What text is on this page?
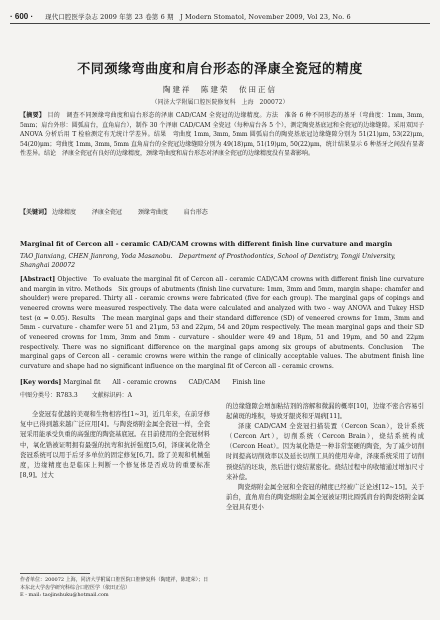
· 600 · 现代口腔医学杂志 2009 年第 23 卷第 6 期　J Modern Stomatol, November 2009, Vol 23, No. 6
不同颈缘弯曲度和肩台形态的泽康全瓷冠的精度
陶建祥　陈建荣　依田正信
（同济大学附属口腔医院修复科　上海　200072）
【摘要】 目的　调查不同颈缘弯曲度和肩台形态的泽康 CAD/CAM 全瓷冠的边缘精度。方法　准备 6 种不同形态的基牙（弯曲度：1mm, 3mm, 5mm；肩台外形：圆弧肩台，直角肩台），制作 30 个泽康 CAD/CAM 全瓷冠（每种肩台各 5 个），测定陶瓷基底冠和全瓷冠的边缘缝隙。采用双因子 ANOVA 分析后用 T 检验测定有无统计学差异。结果　弯曲度 1mm, 3mm, 5mm 圆弧肩台的陶瓷基底冠边缘缝隙分别为 51(21)μm, 53(22)μm, 54(20)μm；弯曲度 1mm, 3mm, 5mm 直角肩台的全瓷冠边缘缝隙分别为 49(18)μm, 51(19)μm, 50(22)μm，统计结果显示 6 种基牙之间没有显著性差异。结论　泽康全瓷冠有良好的边缘精度，颈缘弯曲度和肩台形态对泽康全瓷冠的边缘精度没有显著影响。
【关键词】 边缘精度	泽康全瓷冠	颈缘弯曲度	肩台形态
Marginal fit of Cercon all - ceramic CAD/CAM crowns with different finish line curvature and margin
TAO Jianxiang, CHEN Jianrong, Yoda Masanobu.　Department of Prosthodontics, School of Dentistry, Tongji University, Shanghai 200072
[Abstract] Objective　To evaluate the marginal fit of Cercon all - ceramic CAD/CAM crowns with different finish line curvature and margin in vitro. Methods　Six groups of abutments (finish line curvature: 1mm, 3mm and 5mm, margin shape: chamfer and shoulder) were prepared. Thirty all - ceramic crowns were fabricated (five for each group). The marginal gaps of copings and veneered crowns were measured respectively. The data were calculated and analyzed with two - way ANOVA and Tukey HSD test (α = 0.05). Results　The mean marginal gaps and their standard difference (SD) of veneered crowns for 1mm, 3mm and 5mm - curvature - chamfer were 51 and 21μm, 53 and 22μm, 54 and 20μm respectively. The mean marginal gaps and their SD of veneered crowns for 1mm, 3mm and 5mm - curvature - shoulder were 49 and 18μm, 51 and 19μm, and 50 and 22μm respectively. There was no significant difference on the marginal gaps among six groups of abutments. Conclusion　The marginal gaps of Cercon all - ceramic crowns were within the range of clinically acceptable values. The abutment finish line curvature and shape had no significant influence on the marginal fit of Cercon all - ceramic crowns.
[Key words] Marginal fit All - ceramic crowns CAD/CAM Finish line
中图分类号：R783.3 文献标识码：A
全瓷冠有优越的美观和生物相容性[1~3]，近几年来，在前牙修复中已得到越来越广泛应用[4]。与陶瓷熔附金属全瓷冠一样，全瓷冠采用能承受负重的高强度的陶瓷基底冠。在目前使用的全瓷冠材料中，氧化锆被证明拥有最强的抗弯和抗折强度[5,6]，泽康氧化锆全瓷冠系统可以用于后牙多单位的固定修复[6,7]。除了美观和机械强度，边缘精度也是临床上判断一个修复体是否成功的重要标准[8,9]。过大

的边缘缝隙会增加粘结剂的溶解和微漏的概率[10]，边缘不密合容易引起菌斑的堆积，导致牙龈炎和牙周病[11]。

泽康 CAD/CAM 全瓷冠扫描装置（Cercon Scan），设计系统（Cercon Art），切削系统（Cercon Brain），烧结系统构成（Cercon Heat）。因为氧化锆是一种非常坚硬的陶瓷，为了减少切削时间提高切削效率以及延长切削工具的使用寿命，泽康系统采用了切削预烧结的坯块，然后进行烧结紧密化。烧结过程中的收缩通过增加尺寸来补偿。

陶瓷熔附金属全冠和全瓷冠的精度已经被广泛论述[12~15]。关于前台，直角肩台的陶瓷熔附金属全冠被证明比圆弧肩台的陶瓷熔附金属全冠具有更小

作者单位：200072 上海，同济大学附属口腔医院口腔修复科（陶建祥，陈建荣）；日本东北大学齿学研究科综合口腔医学（依田正信）

E - mail: taojinshuku@hotmail.com
